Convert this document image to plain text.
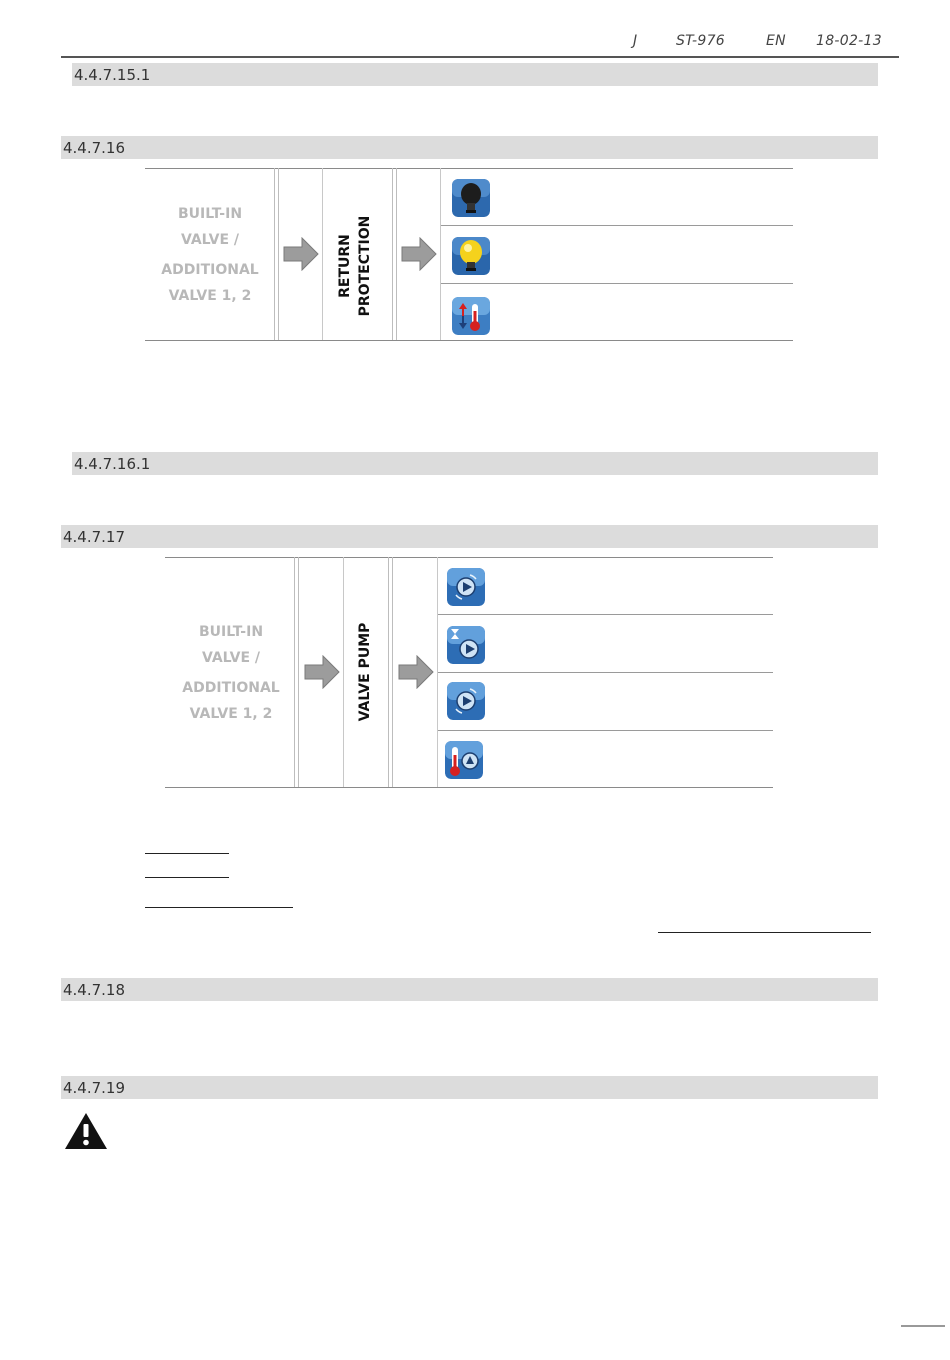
J	ST-976	EN 18-02-13
4.4.7.15.1
4.4.7.16
4.4.7.16.1
4.4.7.17
4.4.7.18
4.4.7.19
BUILT-IN
VALVE /
ADDITIONAL
VALVE 1, 2	RETURN PROTECTION
BUILT-IN
VALVE /
ADDITIONAL
VALVE 1, 2	VALVE PUMP
